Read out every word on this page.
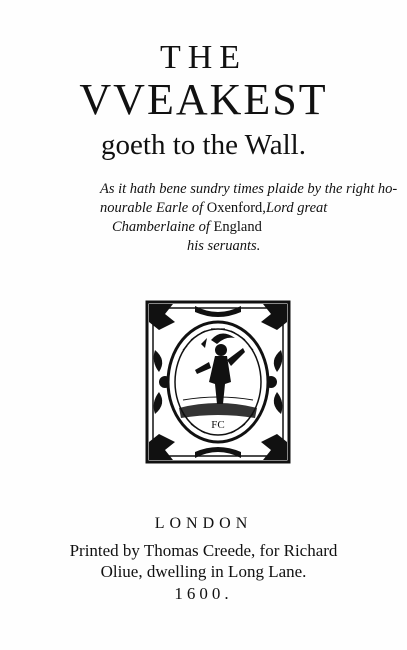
THE
VVEAKEST
goeth to the Wall.
As it hath bene sundry times plaide by the right ho-
nourable Earle of Oxenford,Lord great
Chamberlaine of England
his seruants.
FC
LONDON
Printed by Thomas Creede, for Richard
Oliue, dwelling in Long Lane.
1600.
